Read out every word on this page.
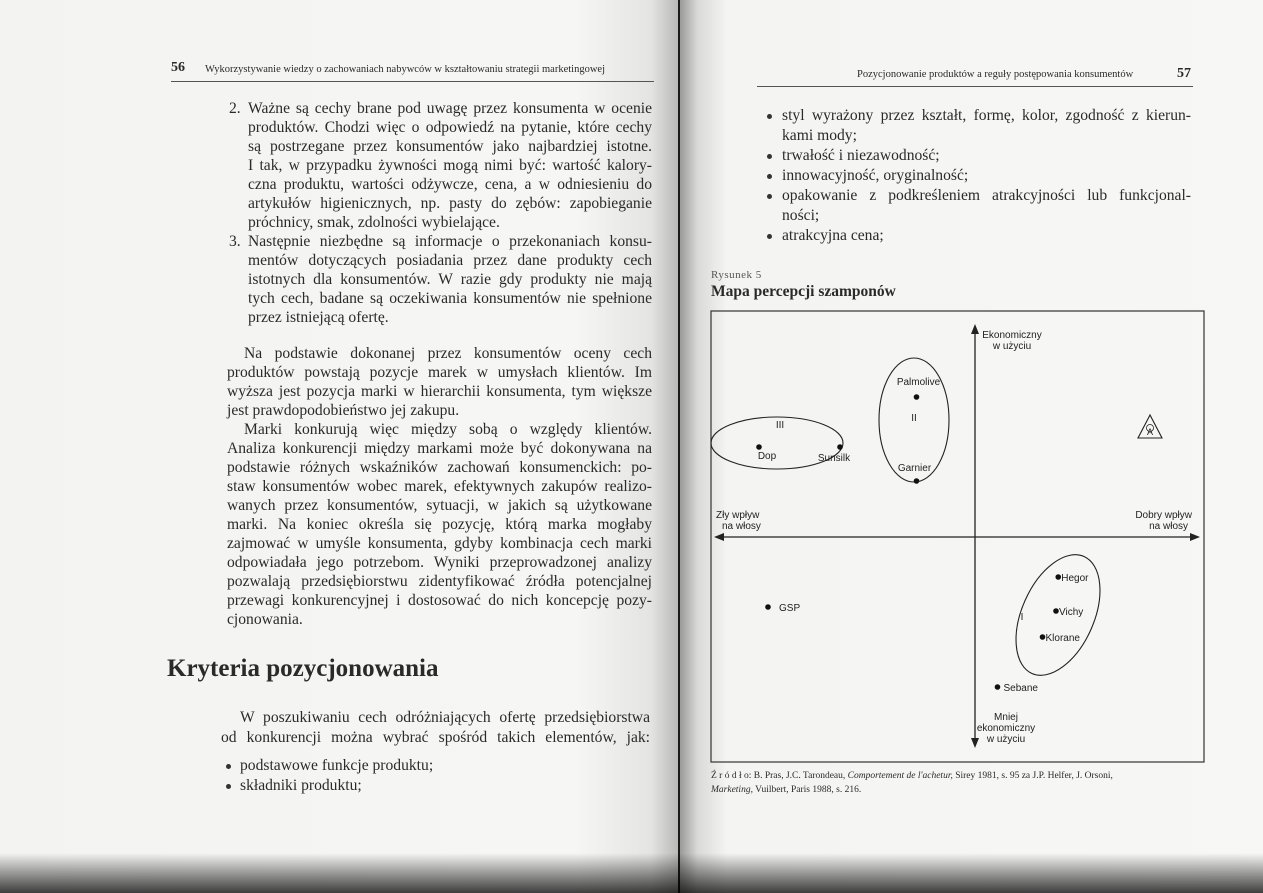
56 Wykorzystywanie wiedzy o zachowaniach nabywców w kształtowaniu strategii marketingowej
2. Ważne są cechy brane pod uwagę przez konsumenta w ocenie
produktów. Chodzi więc o odpowiedź na pytanie, które cechy
są postrzegane przez konsumentów jako najbardziej istotne.
I tak, w przypadku żywności mogą nimi być: wartość kalory-
czna produktu, wartości odżywcze, cena, a w odniesieniu do
artykułów higienicznych, np. pasty do zębów: zapobieganie
próchnicy, smak, zdolności wybielające.
3. Następnie niezbędne są informacje o przekonaniach konsu-
mentów dotyczących posiadania przez dane produkty cech
istotnych dla konsumentów. W razie gdy produkty nie mają
tych cech, badane są oczekiwania konsumentów nie spełnione
przez istniejącą ofertę.
Na podstawie dokonanej przez konsumentów oceny cech
produktów powstają pozycje marek w umysłach klientów. Im
wyższa jest pozycja marki w hierarchii konsumenta, tym większe
jest prawdopodobieństwo jej zakupu.
Marki konkurują więc między sobą o względy klientów.
Analiza konkurencji między markami może być dokonywana na
podstawie różnych wskaźników zachowań konsumenckich: po-
staw konsumentów wobec marek, efektywnych zakupów realizo-
wanych przez konsumentów, sytuacji, w jakich są użytkowane
marki. Na koniec określa się pozycję, którą marka mogłaby
zajmować w umyśle konsumenta, gdyby kombinacja cech marki
odpowiadała jego potrzebom. Wyniki przeprowadzonej analizy
pozwalają przedsiębiorstwu zidentyfikować źródła potencjalnej
przewagi konkurencyjnej i dostosować do nich koncepcję pozy-
cjonowania.
Kryteria pozycjonowania
W poszukiwaniu cech odróżniających ofertę przedsiębiorstwa
od konkurencji można wybrać spośród takich elementów, jak:
podstawowe funkcje produktu;
składniki produktu;
Pozycjonowanie produktów a reguły postępowania konsumentów	57
styl wyrażony przez kształt, formę, kolor, zgodność z kierun-
kami mody;
trwałość i niezawodność;
innowacyjność, oryginalność;
opakowanie z podkreśleniem atrakcyjności lub funkcjonal-
ności;
atrakcyjna cena;
Rysunek 5
Mapa percepcji szamponów
Ekonomiczny
w użyciu
Mniej
ekonomiczny
w użyciu
Zły wpływ
na włosy
Dobry wpływ
na włosy
III
II
I
Dop	Sunsilk
Palmolive
Garnier
GSP
Hegor
Vichy
Klorane
Sebane
A
Ź r ó d ł o: B. Pras, J.C. Tarondeau, Comportement de l'achetur, Sirey 1981, s. 95 za J.P. Helfer, J. Orsoni,
Marketing, Vuilbert, Paris 1988, s. 216.
